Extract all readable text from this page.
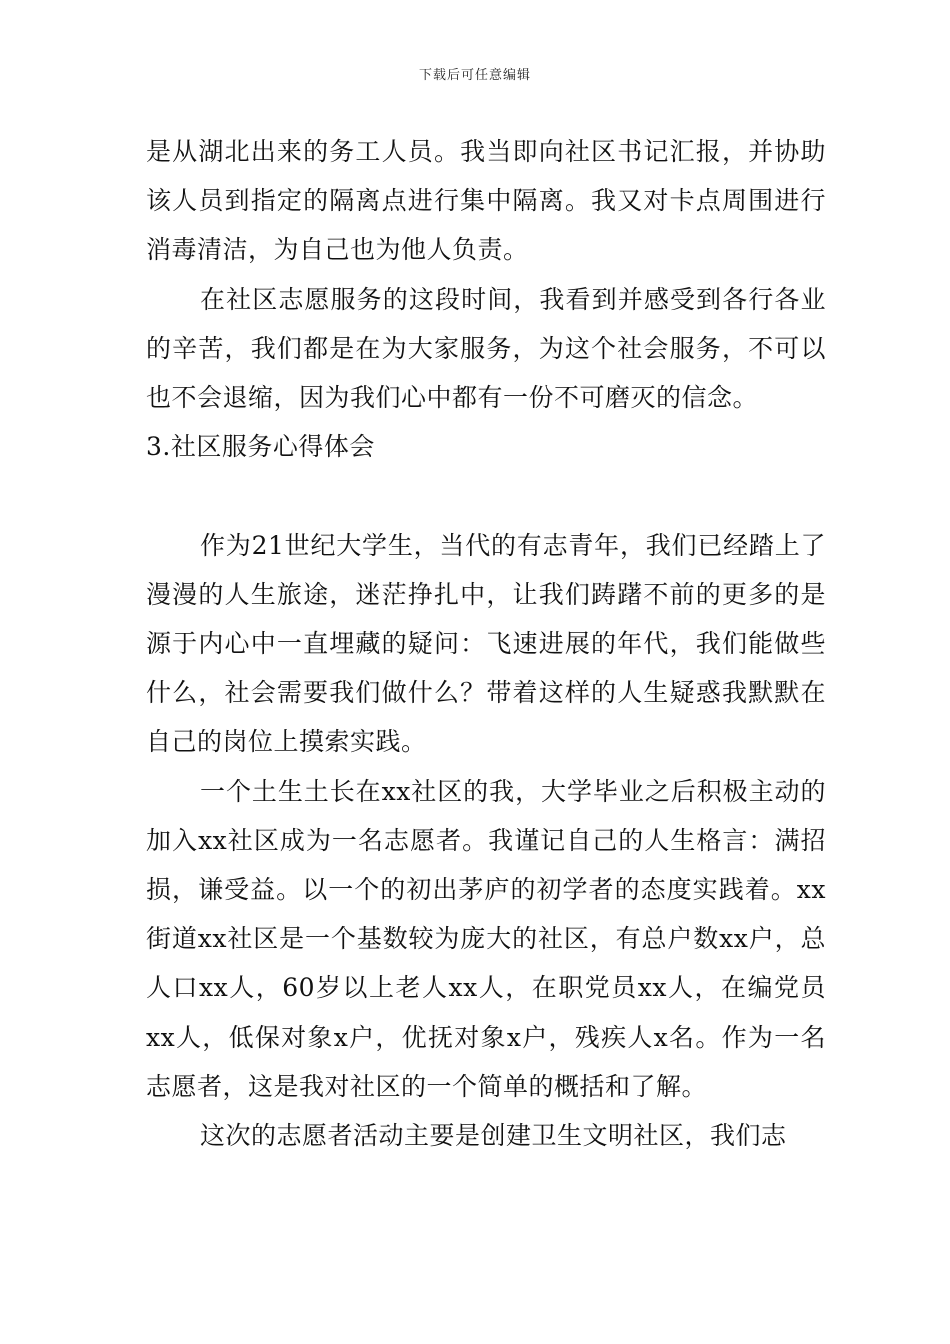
下载后可任意编辑

是从湖北出来的务工人员。我当即向社区书记汇报，并协助该人员到指定的隔离点进行集中隔离。我又对卡点周围进行消毒清洁，为自己也为他人负责。

在社区志愿服务的这段时间，我看到并感受到各行各业的辛苦，我们都是在为大家服务，为这个社会服务，不可以也不会退缩，因为我们心中都有一份不可磨灭的信念。

3.社区服务心得体会

作为21世纪大学生，当代的有志青年，我们已经踏上了漫漫的人生旅途，迷茫挣扎中，让我们踌躇不前的更多的是源于内心中一直埋藏的疑问：飞速进展的年代，我们能做些什么，社会需要我们做什么？带着这样的人生疑惑我默默在自己的岗位上摸索实践。

一个土生土长在xx社区的我，大学毕业之后积极主动的加入xx社区成为一名志愿者。我谨记自己的人生格言：满招损，谦受益。以一个的初出茅庐的初学者的态度实践着。xx街道xx社区是一个基数较为庞大的社区，有总户数xx户，总人口xx人，60岁以上老人xx人，在职党员xx人，在编党员xx人，低保对象x户，优抚对象x户，残疾人x名。作为一名志愿者，这是我对社区的一个简单的概括和了解。

这次的志愿者活动主要是创建卫生文明社区，我们志
